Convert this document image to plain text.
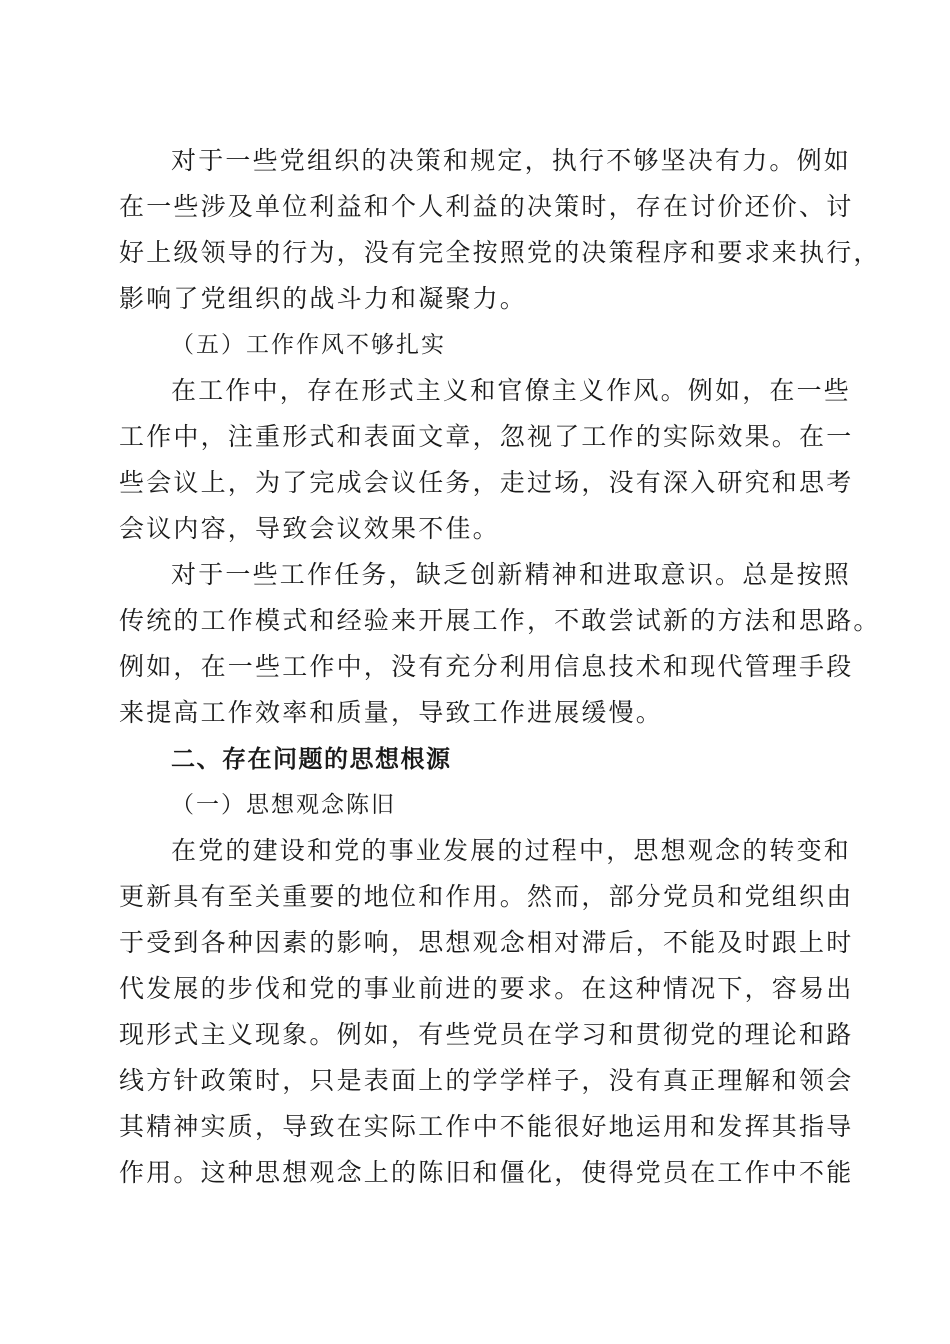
对于一些党组织的决策和规定，执行不够坚决有力。例如
在一些涉及单位利益和个人利益的决策时，存在讨价还价、讨
好上级领导的行为，没有完全按照党的决策程序和要求来执行，
影响了党组织的战斗力和凝聚力。

（五）工作作风不够扎实

在工作中，存在形式主义和官僚主义作风。例如，在一些
工作中，注重形式和表面文章，忽视了工作的实际效果。在一
些会议上，为了完成会议任务，走过场，没有深入研究和思考
会议内容，导致会议效果不佳。

对于一些工作任务，缺乏创新精神和进取意识。总是按照
传统的工作模式和经验来开展工作，不敢尝试新的方法和思路。
例如，在一些工作中，没有充分利用信息技术和现代管理手段
来提高工作效率和质量，导致工作进展缓慢。

二、存在问题的思想根源

（一）思想观念陈旧

在党的建设和党的事业发展的过程中，思想观念的转变和
更新具有至关重要的地位和作用。然而，部分党员和党组织由
于受到各种因素的影响，思想观念相对滞后，不能及时跟上时
代发展的步伐和党的事业前进的要求。在这种情况下，容易出
现形式主义现象。例如，有些党员在学习和贯彻党的理论和路
线方针政策时，只是表面上的学学样子，没有真正理解和领会
其精神实质，导致在实际工作中不能很好地运用和发挥其指导
作用。这种思想观念上的陈旧和僵化，使得党员在工作中不能
